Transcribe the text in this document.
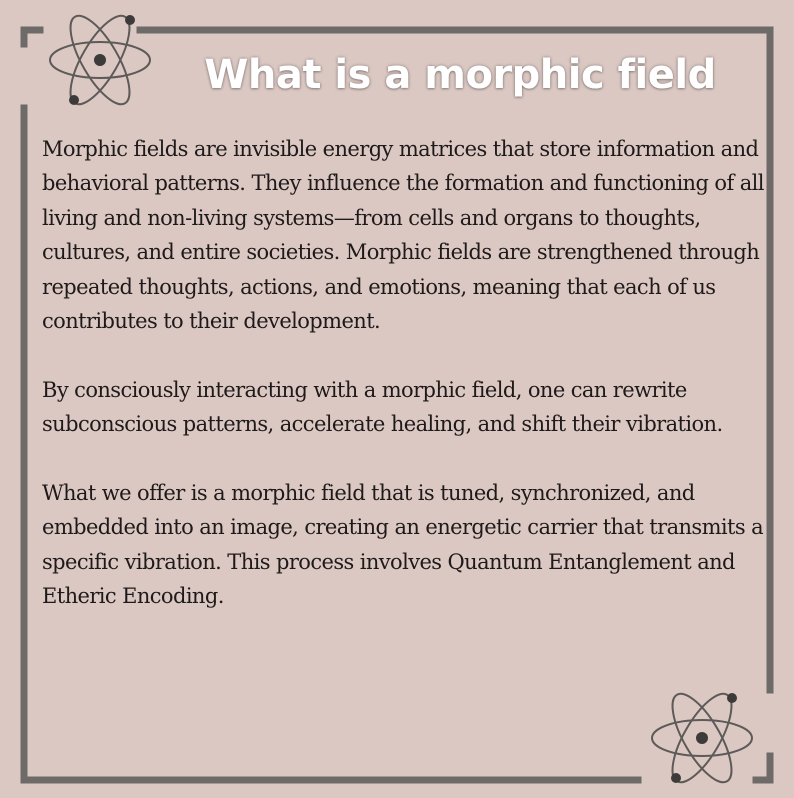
What is a morphic field

Morphic fields are invisible energy matrices that store information and behavioral patterns. They influence the formation and functioning of all living and non-living systems—from cells and organs to thoughts, cultures, and entire societies. Morphic fields are strengthened through repeated thoughts, actions, and emotions, meaning that each of us contributes to their development.

By consciously interacting with a morphic field, one can rewrite subconscious patterns, accelerate healing, and shift their vibration.

What we offer is a morphic field that is tuned, synchronized, and embedded into an image, creating an energetic carrier that transmits a specific vibration. This process involves Quantum Entanglement and Etheric Encoding.
